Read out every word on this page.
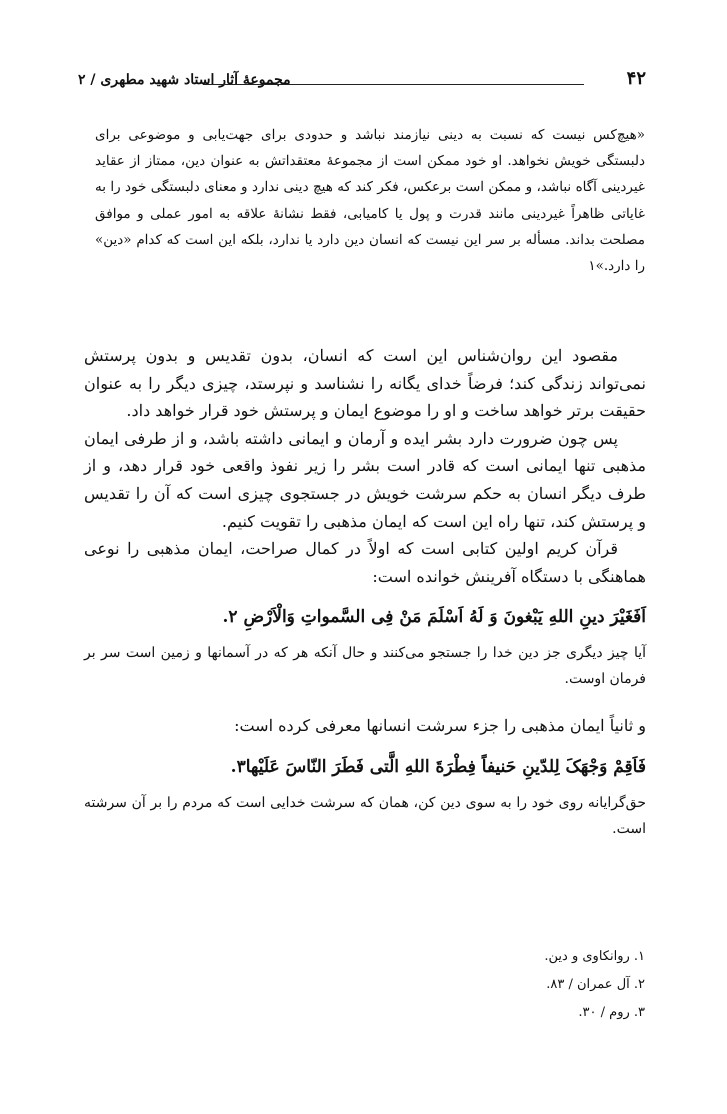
مجموعهٔ آثار استاد شهید مطهری / ۲	۴۲
«هیچ‌کس نیست که نسبت به دینی نیازمند نباشد و حدودی برای جهت‌یابی و موضوعی برای دلبستگی خویش نخواهد. او خود ممکن است از مجموعهٔ معتقداتش به عنوان دین، ممتاز از عقاید غیردینی آگاه نباشد، و ممکن است برعکس، فکر کند که هیچ دینی ندارد و معنای دلبستگی خود را به غایاتی ظاهراً غیردینی مانند قدرت و پول یا کامیابی، فقط نشانهٔ علاقه به امور عملی و موافق مصلحت بداند. مسأله بر سر این نیست که انسان دین دارد یا ندارد، بلکه این است که کدام «دین» را دارد.»۱

مقصود این روان‌شناس این است که انسان، بدون تقدیس و بدون پرستش نمی‌تواند زندگی کند؛ فرضاً خدای یگانه را نشناسد و نپرستد، چیزی دیگر را به عنوان حقیقت برتر خواهد ساخت و او را موضوع ایمان و پرستش خود قرار خواهد داد.

پس چون ضرورت دارد بشر ایده و آرمان و ایمانی داشته باشد، و از طرفی ایمان مذهبی تنها ایمانی است که قادر است بشر را زیر نفوذ واقعی خود قرار دهد، و از طرف دیگر انسان به حکم سرشت خویش در جستجوی چیزی است که آن را تقدیس و پرستش کند، تنها راه این است که ایمان مذهبی را تقویت کنیم.

قرآن کریم اولین کتابی است که اولاً در کمال صراحت، ایمان مذهبی را نوعی هماهنگی با دستگاه آفرینش خوانده است:

اَفَغَیْرَ دینِ اللهِ یَبْغونَ وَ لَهُ اَسْلَمَ مَنْ فِی السَّمواتِ وَالْاَرْضِ ۲.
آیا چیز دیگری جز دین خدا را جستجو می‌کنند و حال آنکه هر که در آسمانها و زمین است سر بر فرمان اوست.

و ثانیاً ایمان مذهبی را جزء سرشت انسانها معرفی کرده است:

فَاَقِمْ وَجْهَکَ لِلدّینِ حَنیفاً فِطْرَةَ اللهِ الَّتی فَطَرَ النّاسَ عَلَیْها۳.
حق‌گرایانه روی خود را به سوی دین کن، همان که سرشت خدایی است که مردم را بر آن سرشته است.
۱. روانکاوی و دین.
۲. آل عمران / ۸۳.
۳. روم / ۳۰.
